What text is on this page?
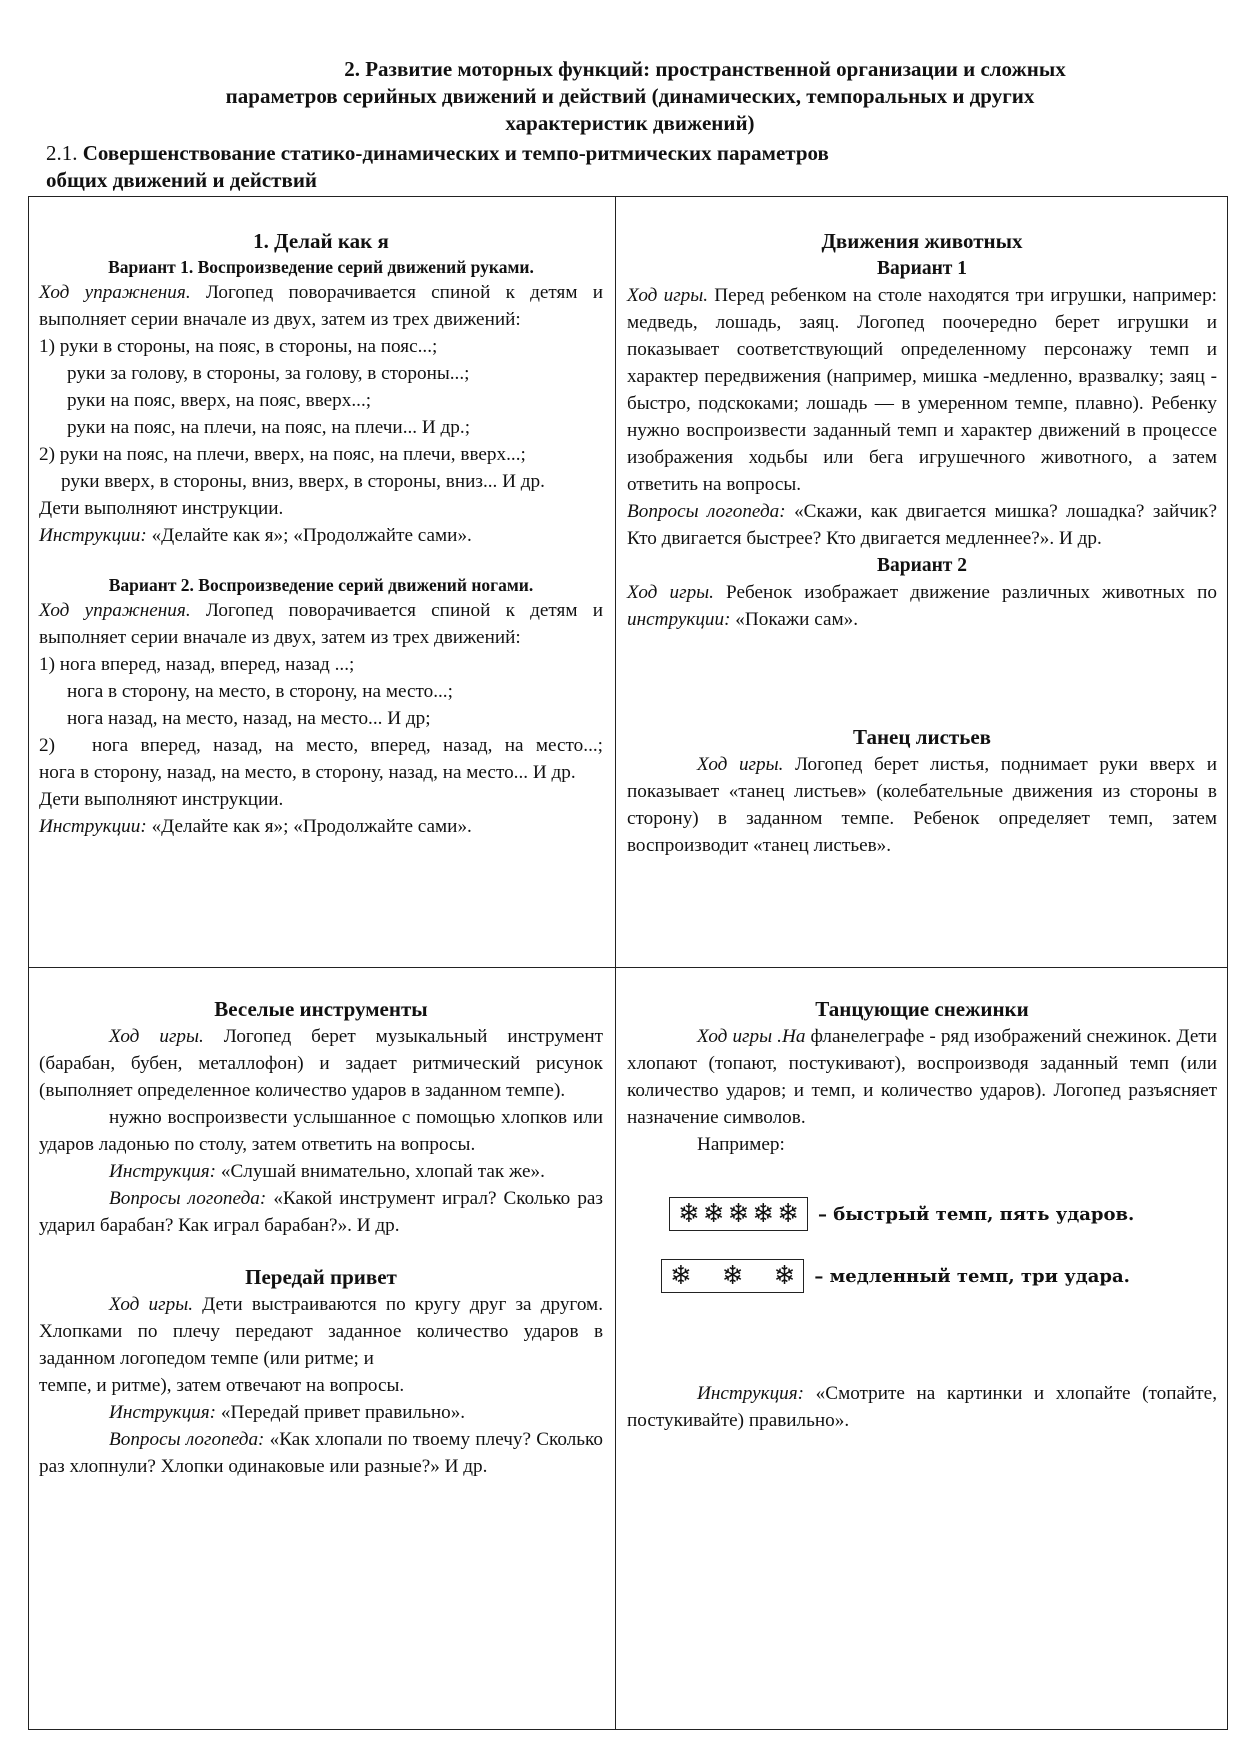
2. Развитие моторных функций: пространственной организации и сложных
параметров серийных движений и действий (динамических, темпоральных и других
характеристик движений)
2.1. Совершенствование статико-динамических и темпо-ритмических параметров
общих движений и действий
1. Делай как я
Вариант 1. Воспроизведение серий движений руками.

Ход упражнения. Логопед поворачивается спиной к детям и выполняет серии вначале из двух, затем из трех движений:

1) руки в стороны, на пояс, в стороны, на пояс...;

руки за голову, в стороны, за голову, в стороны...;

руки на пояс, вверх, на пояс, вверх...;

руки на пояс, на плечи, на пояс, на плечи... И др.;

2) руки на пояс, на плечи, вверх, на пояс, на плечи, вверх...;

руки вверх, в стороны, вниз, вверх, в стороны, вниз... И др.

Дети выполняют инструкции.

Инструкции: «Делайте как я»; «Продолжайте сами».

Вариант 2. Воспроизведение серий движений ногами.

Ход упражнения. Логопед поворачивается спиной к детям и выполняет серии вначале из двух, затем из трех движений:

1) нога вперед, назад, вперед, назад ...;

нога в сторону, на место, в сторону, на место...;

нога назад, на место, назад, на место... И др;

2)   нога вперед, назад, на место, вперед, назад, на место...;                       нога в сторону, назад, на место, в сторону, назад, на место... И др.

Дети выполняют инструкции.

Инструкции: «Делайте как я»; «Продолжайте сами».

Движения животных
Вариант 1

Ход игры. Перед ребенком на столе находятся три игрушки, например: медведь, лошадь, заяц. Логопед поочередно берет игрушки и показывает соответствующий определенному персонажу темп и характер передвижения (например, мишка -медленно, вразвалку; заяц - быстро, подскоками; лошадь — в умеренном темпе, плавно). Ребенку нужно воспроизвести заданный темп и характер движений в процессе изображения ходьбы или бега игрушечного животного, а затем ответить на вопросы.

Вопросы логопеда: «Скажи, как двигается мишка? лошадка? зайчик? Кто двигается быстрее? Кто двигается медленнее?». И др.

Вариант 2

Ход игры. Ребенок изображает движение различных животных по инструкции: «Покажи сам».

Танец листьев

Ход игры. Логопед берет листья, поднимает руки вверх и показывает «танец листьев» (колебательные движения из стороны в сторону) в заданном темпе. Ребенок определяет темп, затем воспроизводит «танец листьев».

Веселые инструменты

Ход игры. Логопед берет музыкальный инструмент (барабан, бубен, металлофон) и задает ритмический рисунок (выполняет определенное количество ударов в заданном темпе).

нужно воспроизвести услышанное с помощью хлопков или ударов ладонью по столу, затем ответить на вопросы.

Инструкция: «Слушай внимательно, хлопай так же».

Вопросы логопеда: «Какой инструмент играл? Сколько раз ударил барабан? Как играл барабан?». И др.

Передай привет

Ход игры. Дети выстраиваются по кругу друг за другом. Хлопками по плечу передают заданное количество ударов в заданном логопедом темпе (или ритме; и

темпе, и ритме), затем отвечают на вопросы.

Инструкция: «Передай привет правильно».

Вопросы логопеда: «Как хлопали по твоему плечу? Сколько раз хлопнули? Хлопки одинаковые или разные?» И др.

Танцующие снежинки

Ход игры .На фланелеграфе - ряд изображений снежинок. Дети хлопают (топают, постукивают), воспроизводя заданный темп (или количество ударов; и темп, и количество ударов). Логопед разъясняет назначение символов.

Например:

❄ ❄ ❄ ❄ ❄ – быстрый темп, пять ударов.
❄ ❄ ❄ – медленный темп, три удара.

Инструкция: «Смотрите на картинки и хлопайте (топайте, постукивайте) правильно».
